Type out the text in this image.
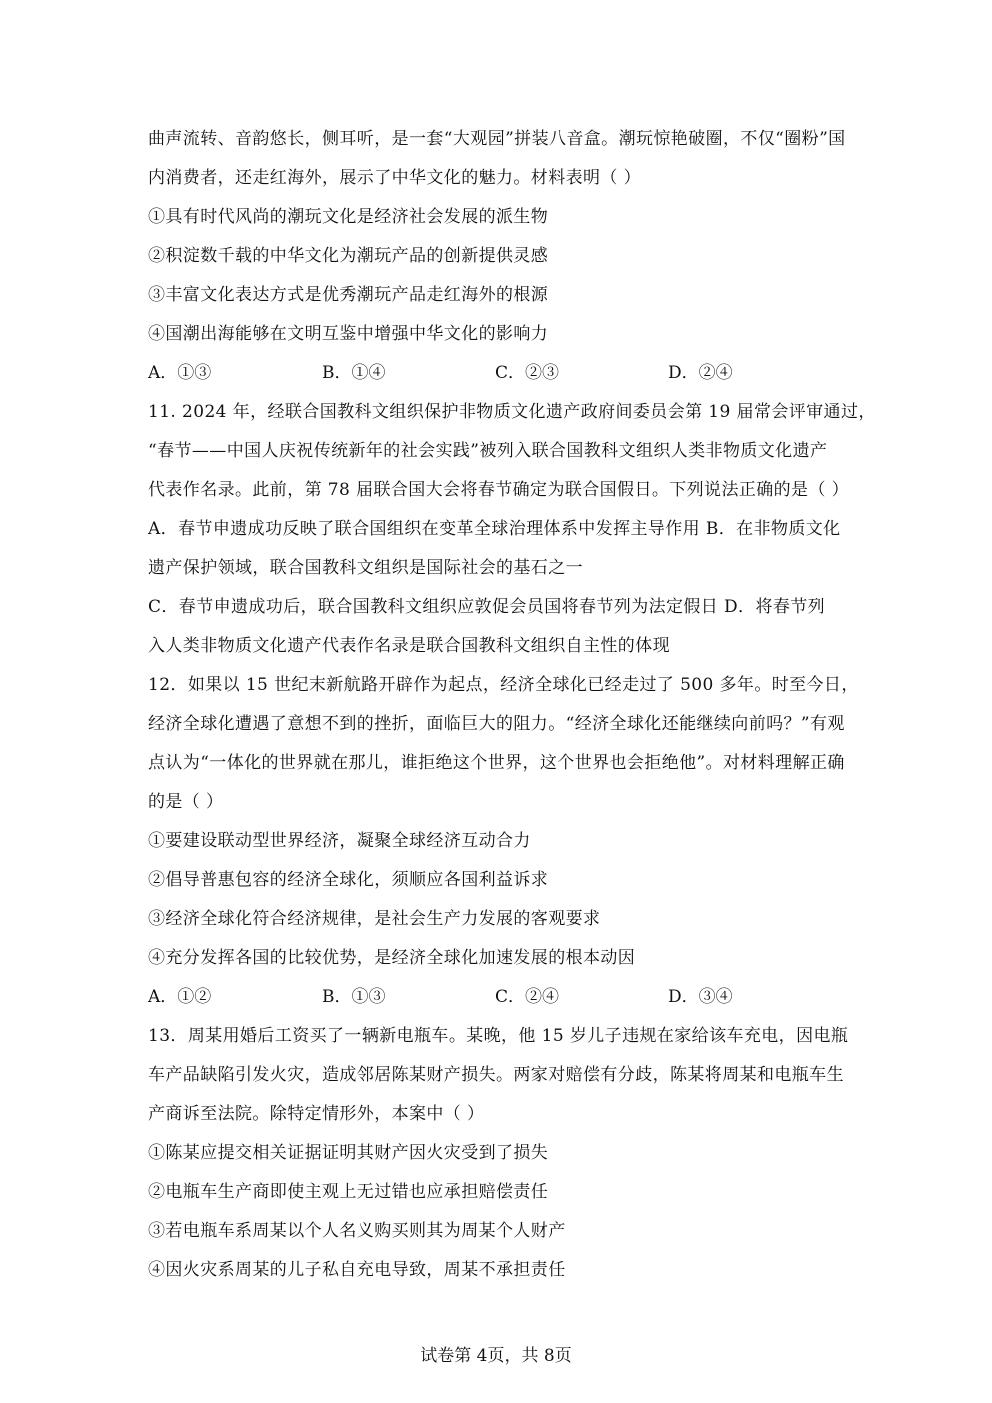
曲声流转、音韵悠长，侧耳听，是一套“大观园”拼装八音盒。潮玩惊艳破圈，不仅“圈粉”国
内消费者，还走红海外，展示了中华文化的魅力。材料表明（ ）
①具有时代风尚的潮玩文化是经济社会发展的派生物
②积淀数千载的中华文化为潮玩产品的创新提供灵感
③丰富文化表达方式是优秀潮玩产品走红海外的根源
④国潮出海能够在文明互鉴中增强中华文化的影响力
A．①③	B．①④	C．②③	D．②④
11. 2024 年，经联合国教科文组织保护非物质文化遗产政府间委员会第 19 届常会评审通过，
“春节——中国人庆祝传统新年的社会实践”被列入联合国教科文组织人类非物质文化遗产
代表作名录。此前，第 78 届联合国大会将春节确定为联合国假日。下列说法正确的是（ ）
A．春节申遗成功反映了联合国组织在变革全球治理体系中发挥主导作用 B．在非物质文化
遗产保护领域，联合国教科文组织是国际社会的基石之一
C．春节申遗成功后，联合国教科文组织应敦促会员国将春节列为法定假日 D．将春节列
入人类非物质文化遗产代表作名录是联合国教科文组织自主性的体现
12．如果以 15 世纪末新航路开辟作为起点，经济全球化已经走过了 500 多年。时至今日，
经济全球化遭遇了意想不到的挫折，面临巨大的阻力。“经济全球化还能继续向前吗？”有观
点认为“一体化的世界就在那儿，谁拒绝这个世界，这个世界也会拒绝他”。对材料理解正确
的是（ ）
①要建设联动型世界经济，凝聚全球经济互动合力
②倡导普惠包容的经济全球化，须顺应各国利益诉求
③经济全球化符合经济规律，是社会生产力发展的客观要求
④充分发挥各国的比较优势，是经济全球化加速发展的根本动因
A．①②	B．①③	C．②④	D．③④
13．周某用婚后工资买了一辆新电瓶车。某晚，他 15 岁儿子违规在家给该车充电，因电瓶
车产品缺陷引发火灾，造成邻居陈某财产损失。两家对赔偿有分歧，陈某将周某和电瓶车生
产商诉至法院。除特定情形外，本案中（ ）
①陈某应提交相关证据证明其财产因火灾受到了损失
②电瓶车生产商即使主观上无过错也应承担赔偿责任
③若电瓶车系周某以个人名义购买则其为周某个人财产
④因火灾系周某的儿子私自充电导致，周某不承担责任
试卷第 4页，共 8页
